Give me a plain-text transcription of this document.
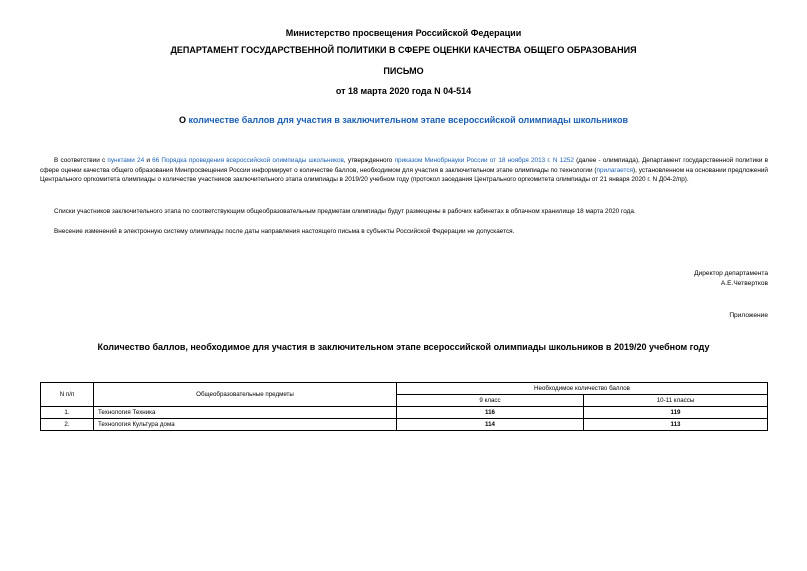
Министерство просвещения Российской Федерации
ДЕПАРТАМЕНТ ГОСУДАРСТВЕННОЙ ПОЛИТИКИ В СФЕРЕ ОЦЕНКИ КАЧЕСТВА ОБЩЕГО ОБРАЗОВАНИЯ
ПИСЬМО
от 18 марта 2020 года N 04-514
О количестве баллов для участия в заключительном этапе всероссийской олимпиады школьников
В соответствии с пунктами 24 и 66 Порядка проведения всероссийской олимпиады школьников, утвержденного приказом Минобрнауки России от 18 ноября 2013 г. N 1252 (далее - олимпиада), Департамент государственной политики в сфере оценки качества общего образования Минпросвещения России информирует о количестве баллов, необходимом для участия в заключительном этапе олимпиады по технологии (прилагается), установленном на основании предложений Центрального оргкомитета олимпиады о количестве участников заключительного этапа олимпиады в 2019/20 учебном году (протокол заседания Центрального оргкомитета олимпиады от 21 января 2020 г. N Д04-2/пр).
Списки участников заключительного этапа по соответствующим общеобразовательным предметам олимпиады будут размещены в рабочих кабинетах в облачном хранилище 18 марта 2020 года.
Внесение изменений в электронную систему олимпиады после даты направления настоящего письма в субъекты Российской Федерации не допускается.
Директор департамента
А.Е.Четвертков
Приложение
Количество баллов, необходимое для участия в заключительном этапе всероссийской олимпиады школьников в 2019/20 учебном году
N п/п	Общеобразовательные предметы	Необходимое количество баллов	
		9 класс	10-11 классы
1.	Технология Техника	116	119
2.	Технология Культура дома	114	113
